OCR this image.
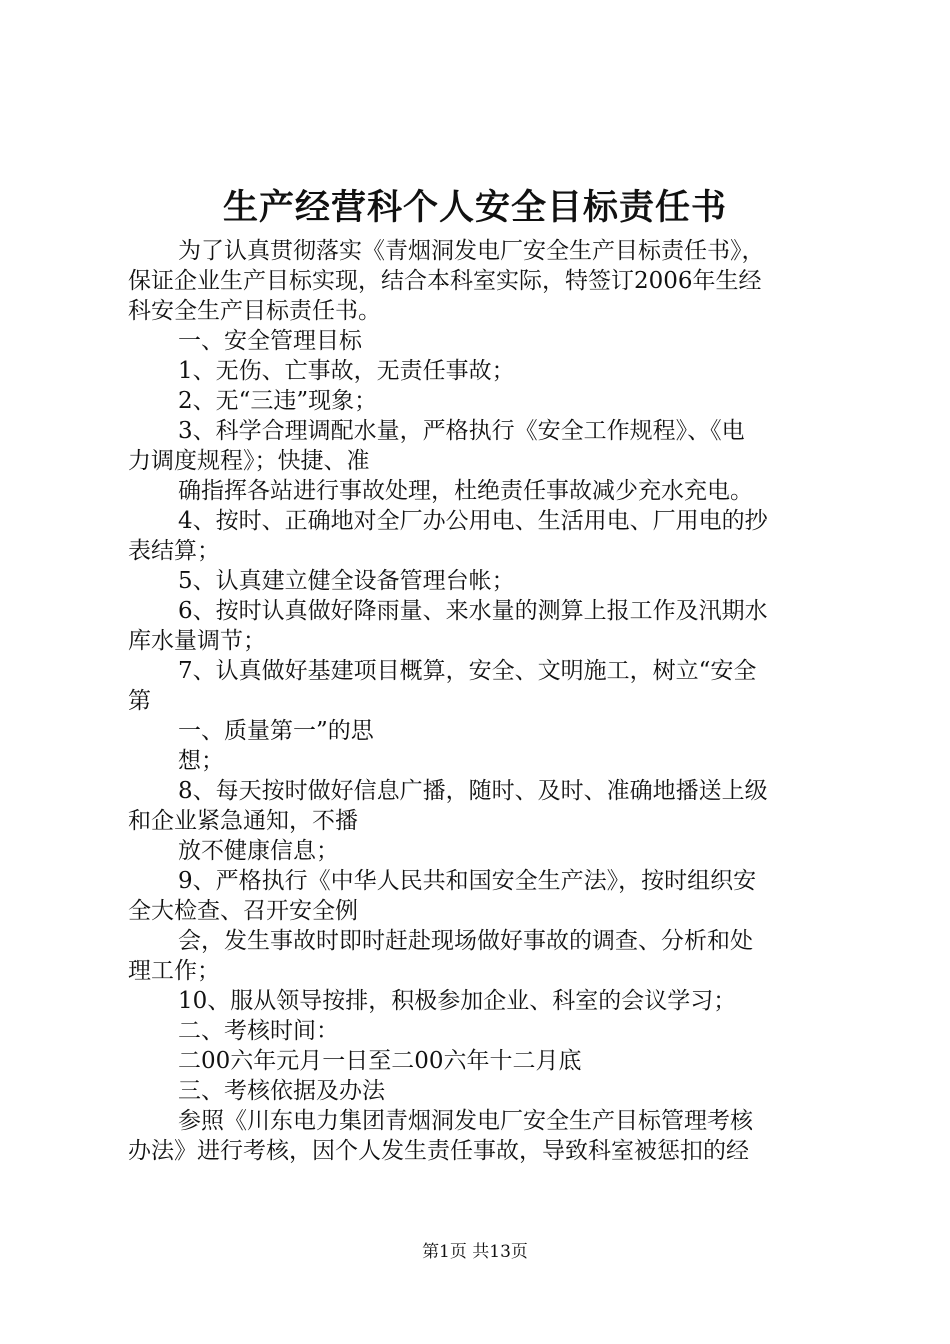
生产经营科个人安全目标责任书
为了认真贯彻落实《青烟洞发电厂安全生产目标责任书》，
保证企业生产目标实现，结合本科室实际，特签订2006年生经
科安全生产目标责任书。
一、安全管理目标
1、无伤、亡事故，无责任事故；
2、无“三违”现象；
3、科学合理调配水量，严格执行《安全工作规程》、《电
力调度规程》；快捷、准
确指挥各站进行事故处理，杜绝责任事故减少充水充电。
4、按时、正确地对全厂办公用电、生活用电、厂用电的抄
表结算；
5、认真建立健全设备管理台帐；
6、按时认真做好降雨量、来水量的测算上报工作及汛期水
库水量调节；
7、认真做好基建项目概算，安全、文明施工，树立“安全
第
一、质量第一”的思
想；
8、每天按时做好信息广播，随时、及时、准确地播送上级
和企业紧急通知，不播
放不健康信息；
9、严格执行《中华人民共和国安全生产法》，按时组织安
全大检查、召开安全例
会，发生事故时即时赶赴现场做好事故的调查、分析和处
理工作；
10、服从领导按排，积极参加企业、科室的会议学习；
二、考核时间：
二00六年元月一日至二00六年十二月底
三、考核依据及办法
参照《川东电力集团青烟洞发电厂安全生产目标管理考核
办法》进行考核，因个人发生责任事故，导致科室被惩扣的经
第1页 共13页
